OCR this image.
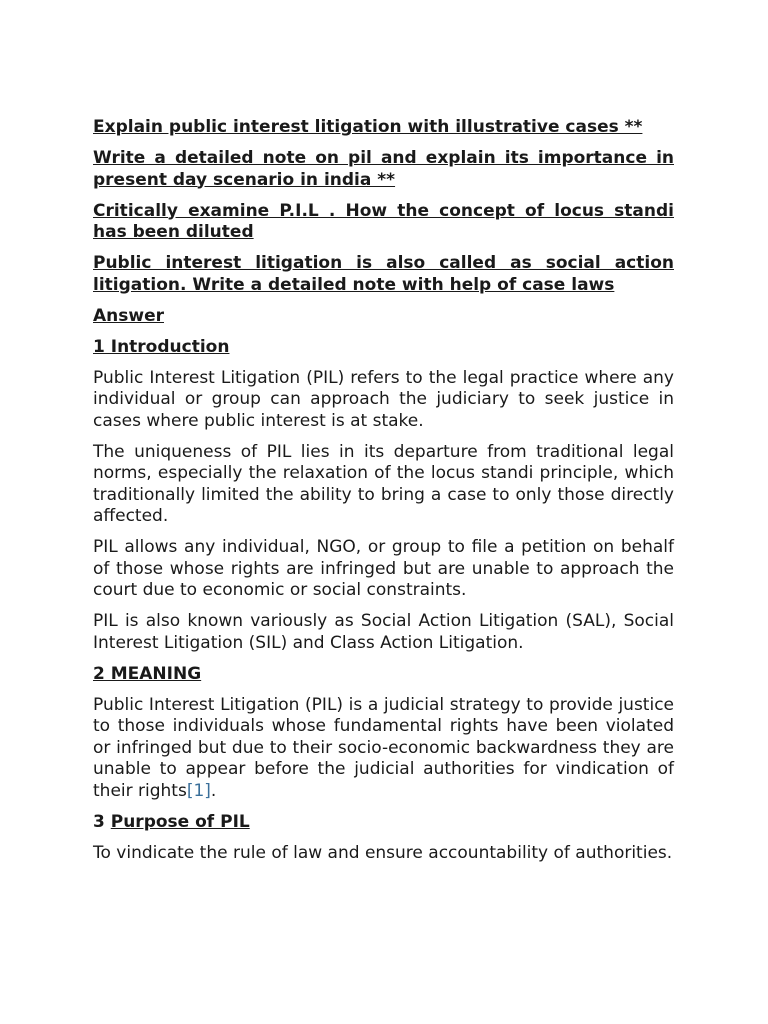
Explain public interest litigation with illustrative cases **
Write a detailed note on pil and explain its importance in present day scenario in india **
Critically examine P.I.L . How the concept of locus standi has been diluted
Public interest litigation is also called as social action litigation. Write a detailed note with help of case laws
Answer
1 Introduction

Public Interest Litigation (PIL) refers to the legal practice where any individual or group can approach the judiciary to seek justice in cases where public interest is at stake.

The uniqueness of PIL lies in its departure from traditional legal norms, especially the relaxation of the locus standi principle, which traditionally limited the ability to bring a case to only those directly affected.

PIL allows any individual, NGO, or group to file a petition on behalf of those whose rights are infringed but are unable to approach the court due to economic or social constraints.

PIL is also known variously as Social Action Litigation (SAL), Social Interest Litigation (SIL) and Class Action Litigation.

2 MEANING

Public Interest Litigation (PIL) is a judicial strategy to provide justice to those individuals whose fundamental rights have been violated or infringed but due to their socio-economic backwardness they are unable to appear before the judicial authorities for vindication of their rights[1].

3 Purpose of PIL

To vindicate the rule of law and ensure accountability of authorities.
